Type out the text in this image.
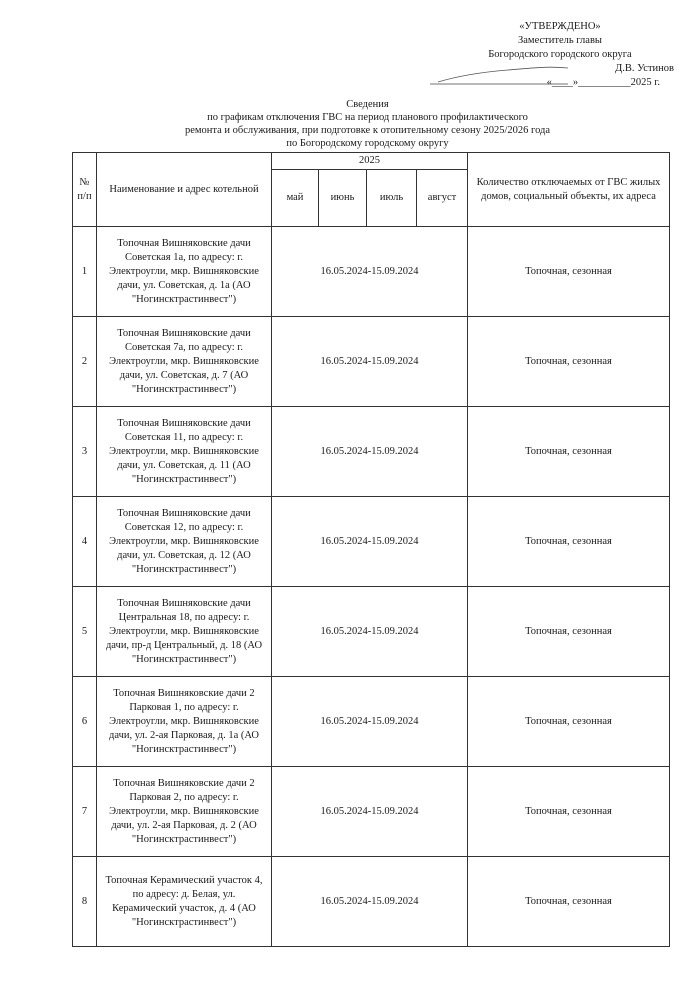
«УТВЕРЖДЕНО»
Заместитель главы
Богородского городского округа
Д.В. Устинов
«____»__________2025 г.
Сведения
по графикам отключения ГВС на период планового профилактического
ремонта и обслуживания, при подготовке к отопительному сезону 2025/2026 года
по Богородскому городскому округу
№ п/п	Наименование и адрес котельной	2025				Количество отключаемых от ГВС жилых домов, социальный объекты, их адреса
		май	июнь	июль	август	
1	Топочная Вишняковские дачи Советская 1а, по адресу: г. Электроугли, мкр. Вишняковские дачи, ул. Советская, д. 1а (АО "Ногинсктрастинвест")	16.05.2024-15.09.2024				Топочная, сезонная
2	Топочная Вишняковские дачи Советская 7а, по адресу: г. Электроугли, мкр. Вишняковские дачи, ул. Советская, д. 7 (АО "Ногинсктрастинвест")	16.05.2024-15.09.2024				Топочная, сезонная
3	Топочная Вишняковские дачи Советская 11, по адресу: г. Электроугли, мкр. Вишняковские дачи, ул. Советская, д. 11 (АО "Ногинсктрастинвест")	16.05.2024-15.09.2024				Топочная, сезонная
4	Топочная Вишняковские дачи Советская 12, по адресу: г. Электроугли, мкр. Вишняковские дачи, ул. Советская, д. 12 (АО "Ногинсктрастинвест")	16.05.2024-15.09.2024				Топочная, сезонная
5	Топочная Вишняковские дачи Центральная 18, по адресу: г. Электроугли, мкр. Вишняковские дачи, пр-д Центральный, д. 18 (АО "Ногинсктрастинвест")	16.05.2024-15.09.2024				Топочная, сезонная
6	Топочная Вишняковские дачи 2 Парковая 1, по адресу: г. Электроугли, мкр. Вишняковские дачи, ул. 2-ая Парковая, д. 1а (АО "Ногинсктрастинвест")	16.05.2024-15.09.2024				Топочная, сезонная
7	Топочная Вишняковские дачи 2 Парковая 2, по адресу: г. Электроугли, мкр. Вишняковские дачи, ул. 2-ая Парковая, д. 2 (АО "Ногинсктрастинвест")	16.05.2024-15.09.2024				Топочная, сезонная
8	Топочная Керамический участок 4, по адресу: д. Белая, ул. Керамический участок, д. 4 (АО "Ногинсктрастинвест")	16.05.2024-15.09.2024				Топочная, сезонная
